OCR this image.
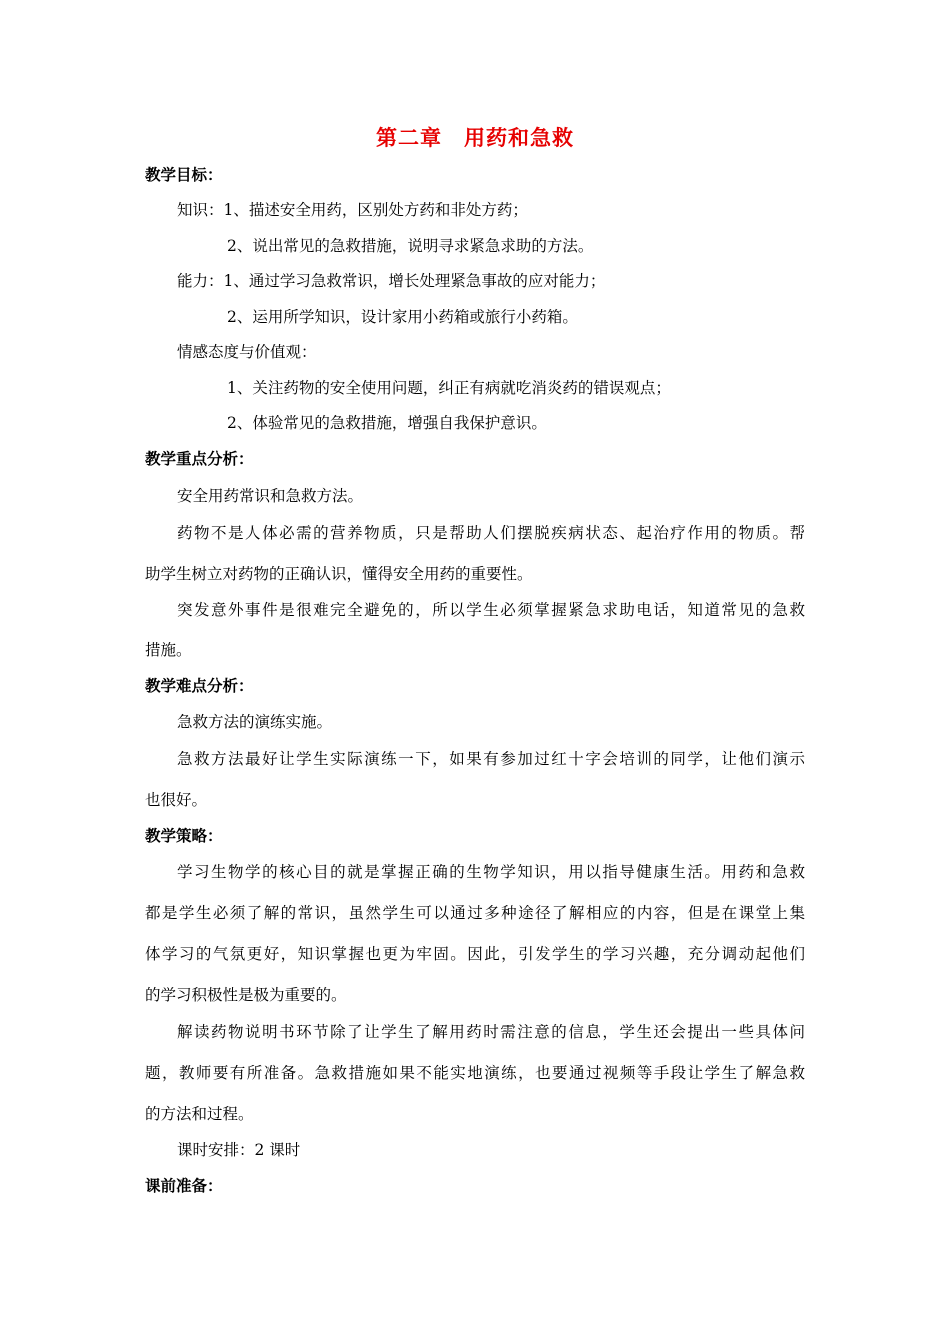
第二章　用药和急救
教学目标：
知识：1、描述安全用药，区别处方药和非处方药；
2、说出常见的急救措施，说明寻求紧急求助的方法。
能力：1、通过学习急救常识，增长处理紧急事故的应对能力；
2、运用所学知识，设计家用小药箱或旅行小药箱。
情感态度与价值观：
1、关注药物的安全使用问题，纠正有病就吃消炎药的错误观点；
2、体验常见的急救措施，增强自我保护意识。
教学重点分析：
安全用药常识和急救方法。
药物不是人体必需的营养物质，只是帮助人们摆脱疾病状态、起治疗作用的物质。帮
助学生树立对药物的正确认识，懂得安全用药的重要性。
突发意外事件是很难完全避免的，所以学生必须掌握紧急求助电话，知道常见的急救
措施。
教学难点分析：
急救方法的演练实施。
急救方法最好让学生实际演练一下，如果有参加过红十字会培训的同学，让他们演示
也很好。
教学策略：
学习生物学的核心目的就是掌握正确的生物学知识，用以指导健康生活。用药和急救
都是学生必须了解的常识，虽然学生可以通过多种途径了解相应的内容，但是在课堂上集
体学习的气氛更好，知识掌握也更为牢固。因此，引发学生的学习兴趣，充分调动起他们
的学习积极性是极为重要的。
解读药物说明书环节除了让学生了解用药时需注意的信息，学生还会提出一些具体问
题，教师要有所准备。急救措施如果不能实地演练，也要通过视频等手段让学生了解急救
的方法和过程。
课时安排：2 课时
课前准备：
